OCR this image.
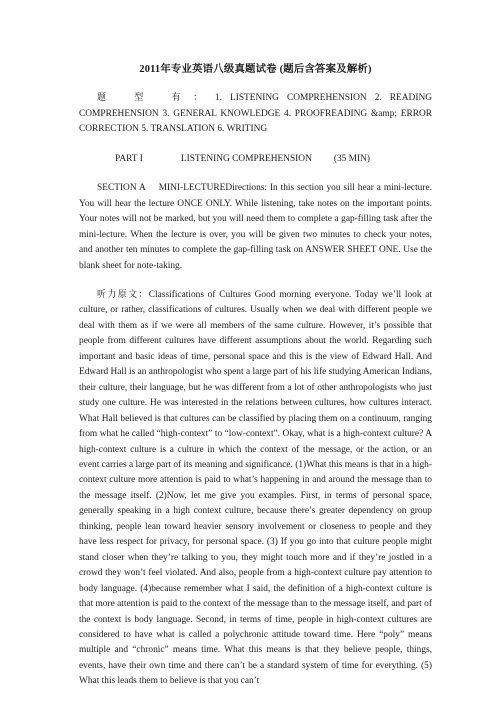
2011年专业英语八级真题试卷 (题后含答案及解析)

题 型 有：1. LISTENING COMPREHENSION 2. READING COMPREHENSION 3. GENERAL KNOWLEDGE 4. PROOFREADING &amp; ERROR CORRECTION 5. TRANSLATION 6. WRITING

PART I	LISTENING COMPREHENSION (35 MIN)

SECTION A MINI-LECTUREDirections: In this section you sill hear a mini-lecture. You will hear the lecture ONCE ONLY. While listening, take notes on the important points. Your notes will not be marked, but you will need them to complete a gap-filling task after the mini-lecture. When the lecture is over, you will be given two minutes to check your notes, and another ten minutes to complete the gap-filling task on ANSWER SHEET ONE. Use the blank sheet for note-taking.

听力原文：Classifications of Cultures Good morning everyone. Today we’ll look at culture, or rather, classifications of cultures. Usually when we deal with different people we deal with them as if we were all members of the same culture. However, it’s possible that people from different cultures have different assumptions about the world. Regarding such important and basic ideas of time, personal space and this is the view of Edward Hall. And Edward Hall is an anthropologist who spent a large part of his life studying American Indians, their culture, their language, but he was different from a lot of other anthropologists who just study one culture. He was interested in the relations between cultures, how cultures interact. What Hall believed is that cultures can be classified by placing them on a continuum, ranging from what he called “high-context” to “low-context”. Okay, what is a high-context culture? A high-context culture is a culture in which the context of the message, or the action, or an event carries a large part of its meaning and significance. (1)What this means is that in a high-context culture more attention is paid to what’s happening in and around the message than to the message itself. (2)Now, let me give you examples. First, in terms of personal space, generally speaking in a high context culture, because there’s greater dependency on group thinking, people lean toward heavier sensory involvement or closeness to people and they have less respect for privacy, for personal space. (3) If you go into that culture people might stand closer when they’re talking to you, they might touch more and if they’re jostled in a crowd they won’t feel violated. And also, people from a high-context culture pay attention to body language. (4)because remember what I said, the definition of a high-context culture is that more attention is paid to the context of the message than to the message itself, and part of the context is body language. Second, in terms of time, people in high-context cultures are considered to have what is called a polychronic attitude toward time. Here “poly” means multiple and “chronic” means time. What this means is that they believe people, things, events, have their own time and there can’t be a standard system of time for everything. (5) What this leads them to believe is that you can’t
